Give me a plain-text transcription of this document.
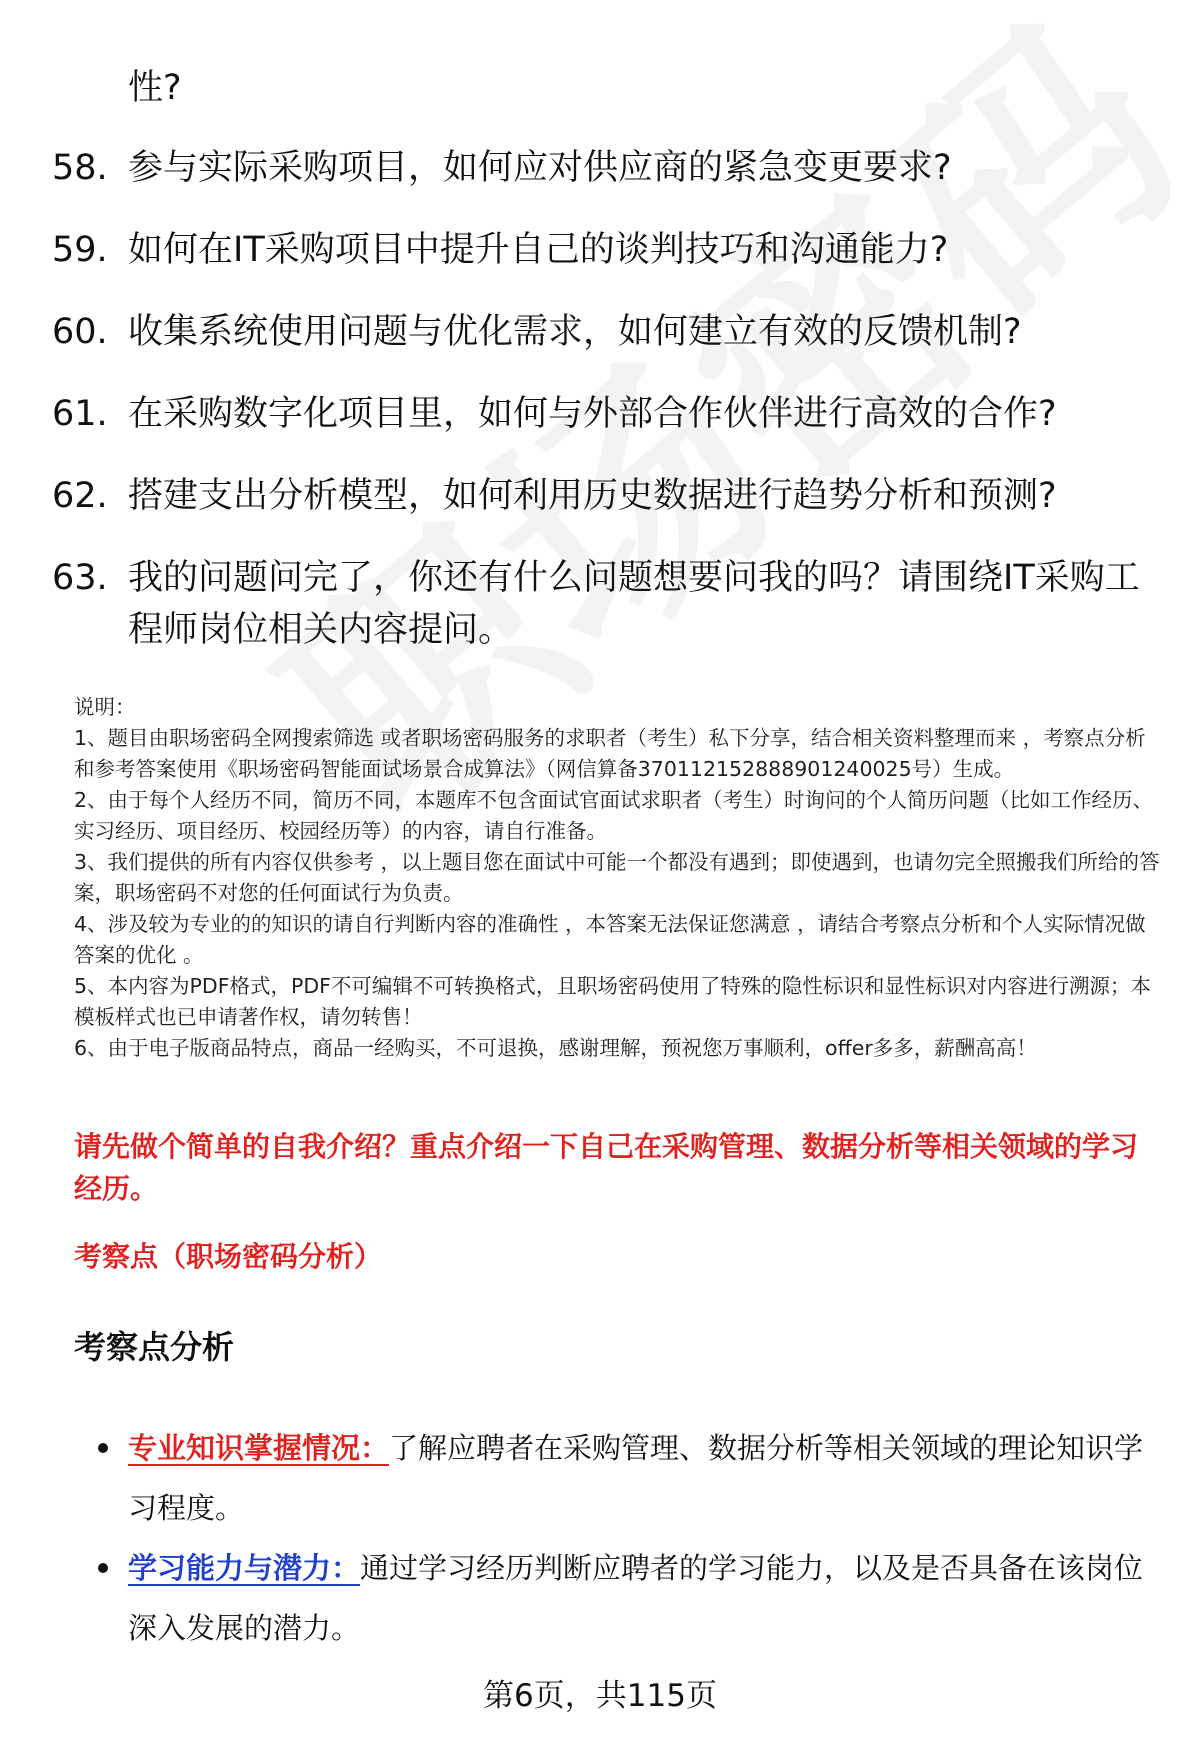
性?
58. 参与实际采购项目，如何应对供应商的紧急变更要求?
59. 如何在IT采购项目中提升自己的谈判技巧和沟通能力?
60. 收集系统使用问题与优化需求，如何建立有效的反馈机制?
61. 在采购数字化项目里，如何与外部合作伙伴进行高效的合作?
62. 搭建支出分析模型，如何利用历史数据进行趋势分析和预测?
63. 我的问题问完了，你还有什么问题想要问我的吗？请围绕IT采购工程师岗位相关内容提问。

说明：

1、题目由职场密码全网搜索筛选 或者职场密码服务的求职者（考生）私下分享，结合相关资料整理而来 ，考察点分析和参考答案使用《职场密码智能面试场景合成算法》（网信算备370112152888901240025号）生成。

2、由于每个人经历不同，简历不同，本题库不包含面试官面试求职者（考生）时询问的个人简历问题（比如工作经历、实习经历、项目经历、校园经历等）的内容，请自行准备。

3、我们提供的所有内容仅供参考 ，以上题目您在面试中可能一个都没有遇到；即使遇到，也请勿完全照搬我们所给的答案，职场密码不对您的任何面试行为负责。

4、涉及较为专业的的知识的请自行判断内容的准确性 ，本答案无法保证您满意 ，请结合考察点分析和个人实际情况做答案的优化 。

5、本内容为PDF格式，PDF不可编辑不可转换格式，且职场密码使用了特殊的隐性标识和显性标识对内容进行溯源；本模板样式也已申请著作权，请勿转售！

6、由于电子版商品特点，商品一经购买，不可退换，感谢理解，预祝您万事顺利，offer多多，薪酬高高！

请先做个简单的自我介绍？重点介绍一下自己在采购管理、数据分析等相关领域的学习经历。
考察点（职场密码分析）
考察点分析
专业知识掌握情况：了解应聘者在采购管理、数据分析等相关领域的理论知识学习程度。
学习能力与潜力：通过学习经历判断应聘者的学习能力，以及是否具备在该岗位深入发展的潜力。
第6页，共115页
